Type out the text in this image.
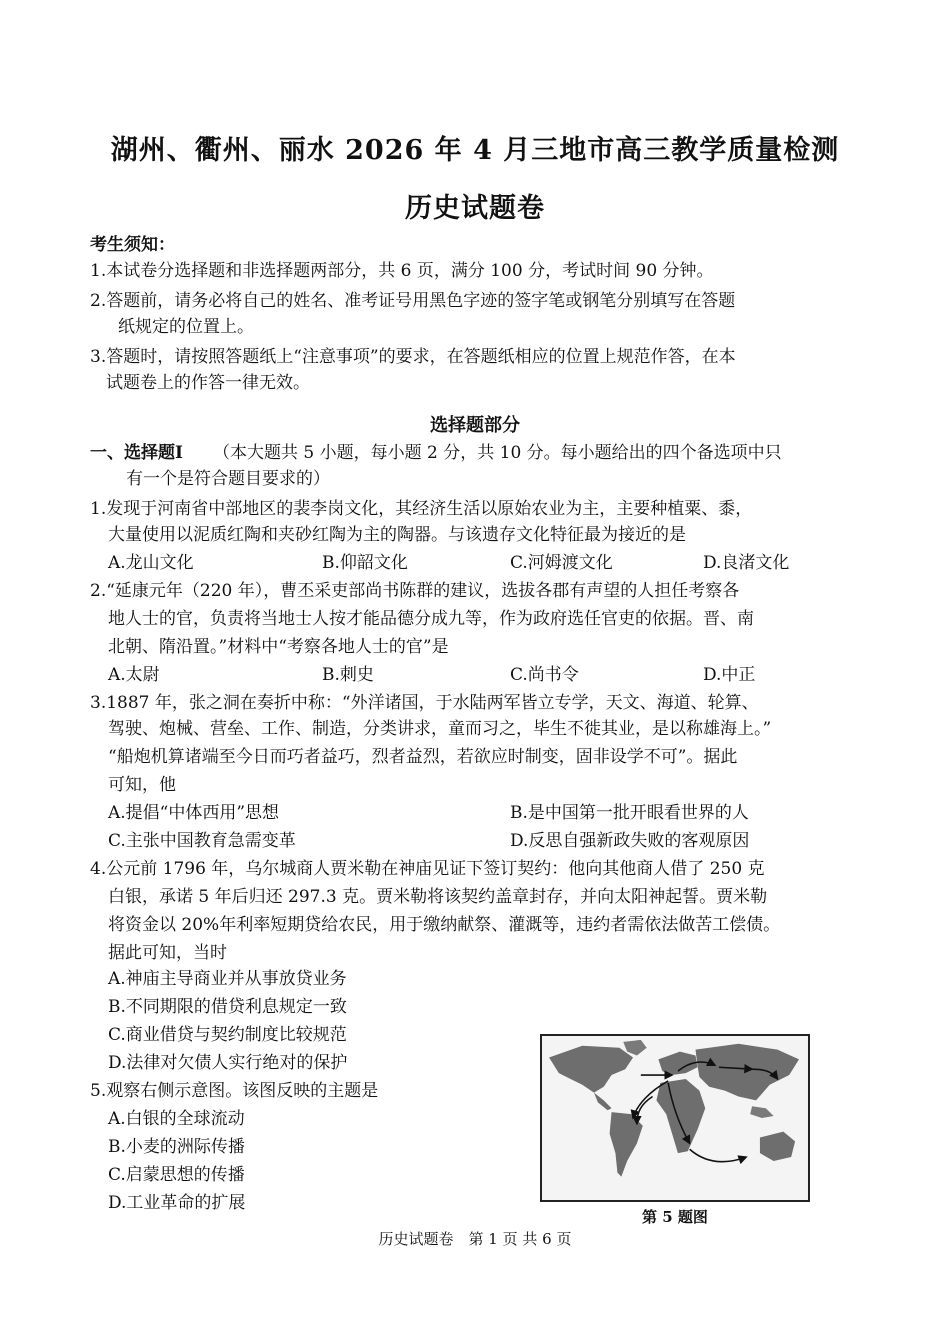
湖州、衢州、丽水 2026 年 4 月三地市高三教学质量检测
历史试题卷
考生须知：
1.本试卷分选择题和非选择题两部分，共 6 页，满分 100 分，考试时间 90 分钟。
2.答题前，请务必将自己的姓名、准考证号用黑色字迹的签字笔或钢笔分别填写在答题
纸规定的位置上。
3.答题时，请按照答题纸上“注意事项”的要求，在答题纸相应的位置上规范作答，在本
试题卷上的作答一律无效。
选择题部分
一、选择题Ⅰ （本大题共 5 小题，每小题 2 分，共 10 分。每小题给出的四个备选项中只
有一个是符合题目要求的）
1.发现于河南省中部地区的裴李岗文化，其经济生活以原始农业为主，主要种植粟、黍，
大量使用以泥质红陶和夹砂红陶为主的陶器。与该遗存文化特征最为接近的是
A.龙山文化	B.仰韶文化	C.河姆渡文化	D.良渚文化
2.“延康元年（220 年），曹丕采吏部尚书陈群的建议，选拔各郡有声望的人担任考察各
地人士的官，负责将当地士人按才能品德分成九等，作为政府选任官吏的依据。晋、南
北朝、隋沿置。”材料中“考察各地人士的官”是
A.太尉	B.刺史	C.尚书令	D.中正
3.1887 年，张之洞在奏折中称：“外洋诸国，于水陆两军皆立专学，天文、海道、轮算、
驾驶、炮械、营垒、工作、制造，分类讲求，童而习之，毕生不徙其业，是以称雄海上。”
“船炮机算诸端至今日而巧者益巧，烈者益烈，若欲应时制变，固非设学不可”。据此
可知，他
A.提倡“中体西用”思想	B.是中国第一批开眼看世界的人
C.主张中国教育急需变革	D.反思自强新政失败的客观原因
4.公元前 1796 年，乌尔城商人贾米勒在神庙见证下签订契约：他向其他商人借了 250 克
白银，承诺 5 年后归还 297.3 克。贾米勒将该契约盖章封存，并向太阳神起誓。贾米勒
将资金以 20%年利率短期贷给农民，用于缴纳献祭、灌溉等，违约者需依法做苦工偿债。
据此可知，当时
A.神庙主导商业并从事放贷业务
B.不同期限的借贷利息规定一致
C.商业借贷与契约制度比较规范
D.法律对欠债人实行绝对的保护
5.观察右侧示意图。该图反映的主题是
A.白银的全球流动
B.小麦的洲际传播
C.启蒙思想的传播
D.工业革命的扩展
第 5 题图
历史试题卷　第 1 页 共 6 页
